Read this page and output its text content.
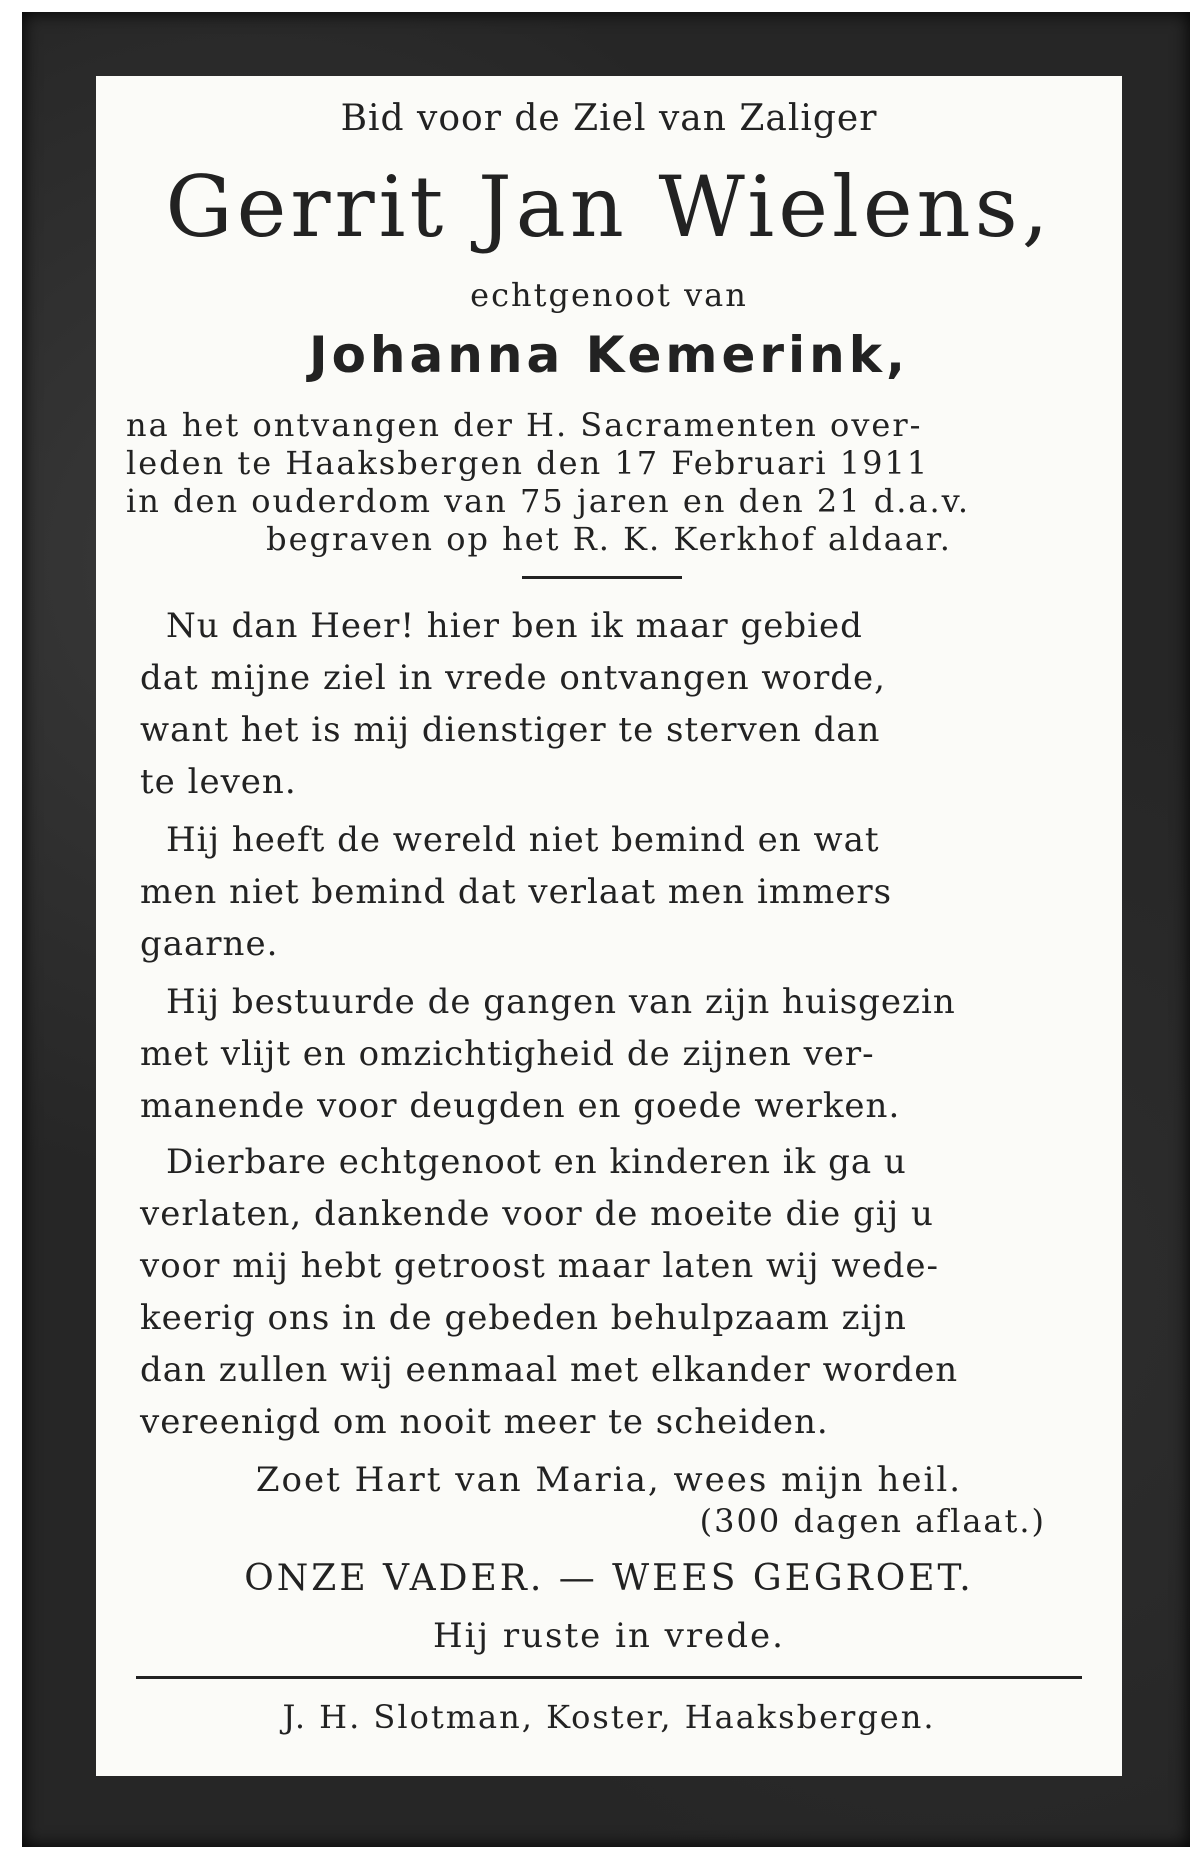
Bid voor de Ziel van Zaliger
Gerrit Jan Wielens,
echtgenoot van
Johanna Kemerink,
na het ontvangen der H. Sacramenten over-
leden te Haaksbergen den 17 Februari 1911
in den ouderdom van 75 jaren en den 21 d.a.v.
begraven op het R. K. Kerkhof aldaar.
Nu dan Heer! hier ben ik maar gebied
dat mijne ziel in vrede ontvangen worde,
want het is mij dienstiger te sterven dan
te leven.
Hij heeft de wereld niet bemind en wat
men niet bemind dat verlaat men immers
gaarne.
Hij bestuurde de gangen van zijn huisgezin
met vlijt en omzichtigheid de zijnen ver-
manende voor deugden en goede werken.
Dierbare echtgenoot en kinderen ik ga u
verlaten, dankende voor de moeite die gij u
voor mij hebt getroost maar laten wij wede-
keerig ons in de gebeden behulpzaam zijn
dan zullen wij eenmaal met elkander worden
vereenigd om nooit meer te scheiden.
Zoet Hart van Maria, wees mijn heil.
(300 dagen aflaat.)
ONZE VADER. — WEES GEGROET.
Hij ruste in vrede.
J. H. Slotman, Koster, Haaksbergen.
